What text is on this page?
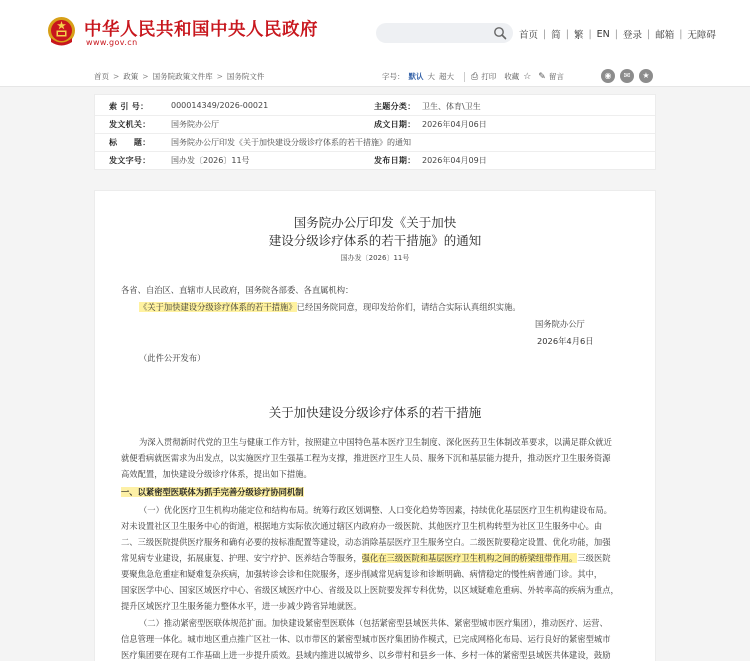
中华人民共和国中央人民政府
www.gov.cn
首页 | 简 | 繁 | EN | 登录 | 邮箱 | 无障碍
首页 > 政策 > 国务院政策文件库 > 国务院文件	字号： 默认 大 超大 ⎙ 打印 收藏 ☆ ✎ 留言	◉	✉	★
索 引 号：	000014349/2026-00021	主题分类： 卫生、体育\卫生
发文机关：	国务院办公厅	成文日期： 2026年04月06日
标　　题：	国务院办公厅印发《关于加快建设分级诊疗体系的若干措施》的通知
发文字号：	国办发〔2026〕11号	发布日期： 2026年04月09日
国务院办公厅印发《关于加快
建设分级诊疗体系的若干措施》的通知
国办发〔2026〕11号
各省、自治区、直辖市人民政府，国务院各部委、各直属机构：
《关于加快建设分级诊疗体系的若干措施》已经国务院同意，现印发给你们，请结合实际认真组织实施。
国务院办公厅
2026年4月6日
（此件公开发布）
关于加快建设分级诊疗体系的若干措施
为深入贯彻新时代党的卫生与健康工作方针，按照建立中国特色基本医疗卫生制度、深化医药卫生体制改革要求，以满足群众就近
就便看病就医需求为出发点，以实施医疗卫生强基工程为支撑，推进医疗卫生人员、服务下沉和基层能力提升，推动医疗卫生服务资源
高效配置，加快建设分级诊疗体系，提出如下措施。
一、以紧密型医联体为抓手完善分级诊疗协同机制
（一）优化医疗卫生机构功能定位和结构布局。统筹行政区划调整、人口变化趋势等因素，持续优化基层医疗卫生机构建设布局。
对未设置社区卫生服务中心的街道，根据地方实际依次通过辖区内政府办一级医院、其他医疗卫生机构转型为社区卫生服务中心。由
二、三级医院提供医疗服务和确有必要的按标准配置等建设，动态消除基层医疗卫生服务空白。二级医院要稳定设置、优化功能，加强
常见病专业建设，拓展康复、护理、安宁疗护、医养结合等服务，强化在三级医院和基层医疗卫生机构之间的桥梁纽带作用。三级医院
要聚焦急危重症和疑难复杂疾病，加强转诊会诊和住院服务，逐步削减常见病复诊和诊断明确、病情稳定的慢性病普通门诊。其中，
国家医学中心、国家区域医疗中心、省级区域医疗中心、省级及以上医院要发挥专科优势，以区域疑难危重病、外转率高的疾病为重点，
提升区域医疗卫生服务能力整体水平，进一步减少跨省异地就医。
（二）推动紧密型医联体规范扩面。加快建设紧密型医联体（包括紧密型县域医共体、紧密型城市医疗集团），推动医疗、运营、
信息管理一体化。城市地区重点推广区社一体、以市带区的紧密型城市医疗集团协作模式，已完成网格化布局、运行良好的紧密型城市
医疗集团要在现有工作基础上进一步提升质效。县域内推进以城带乡、以乡带村和县乡一体、乡村一体的紧密型县域医共体建设，鼓励
